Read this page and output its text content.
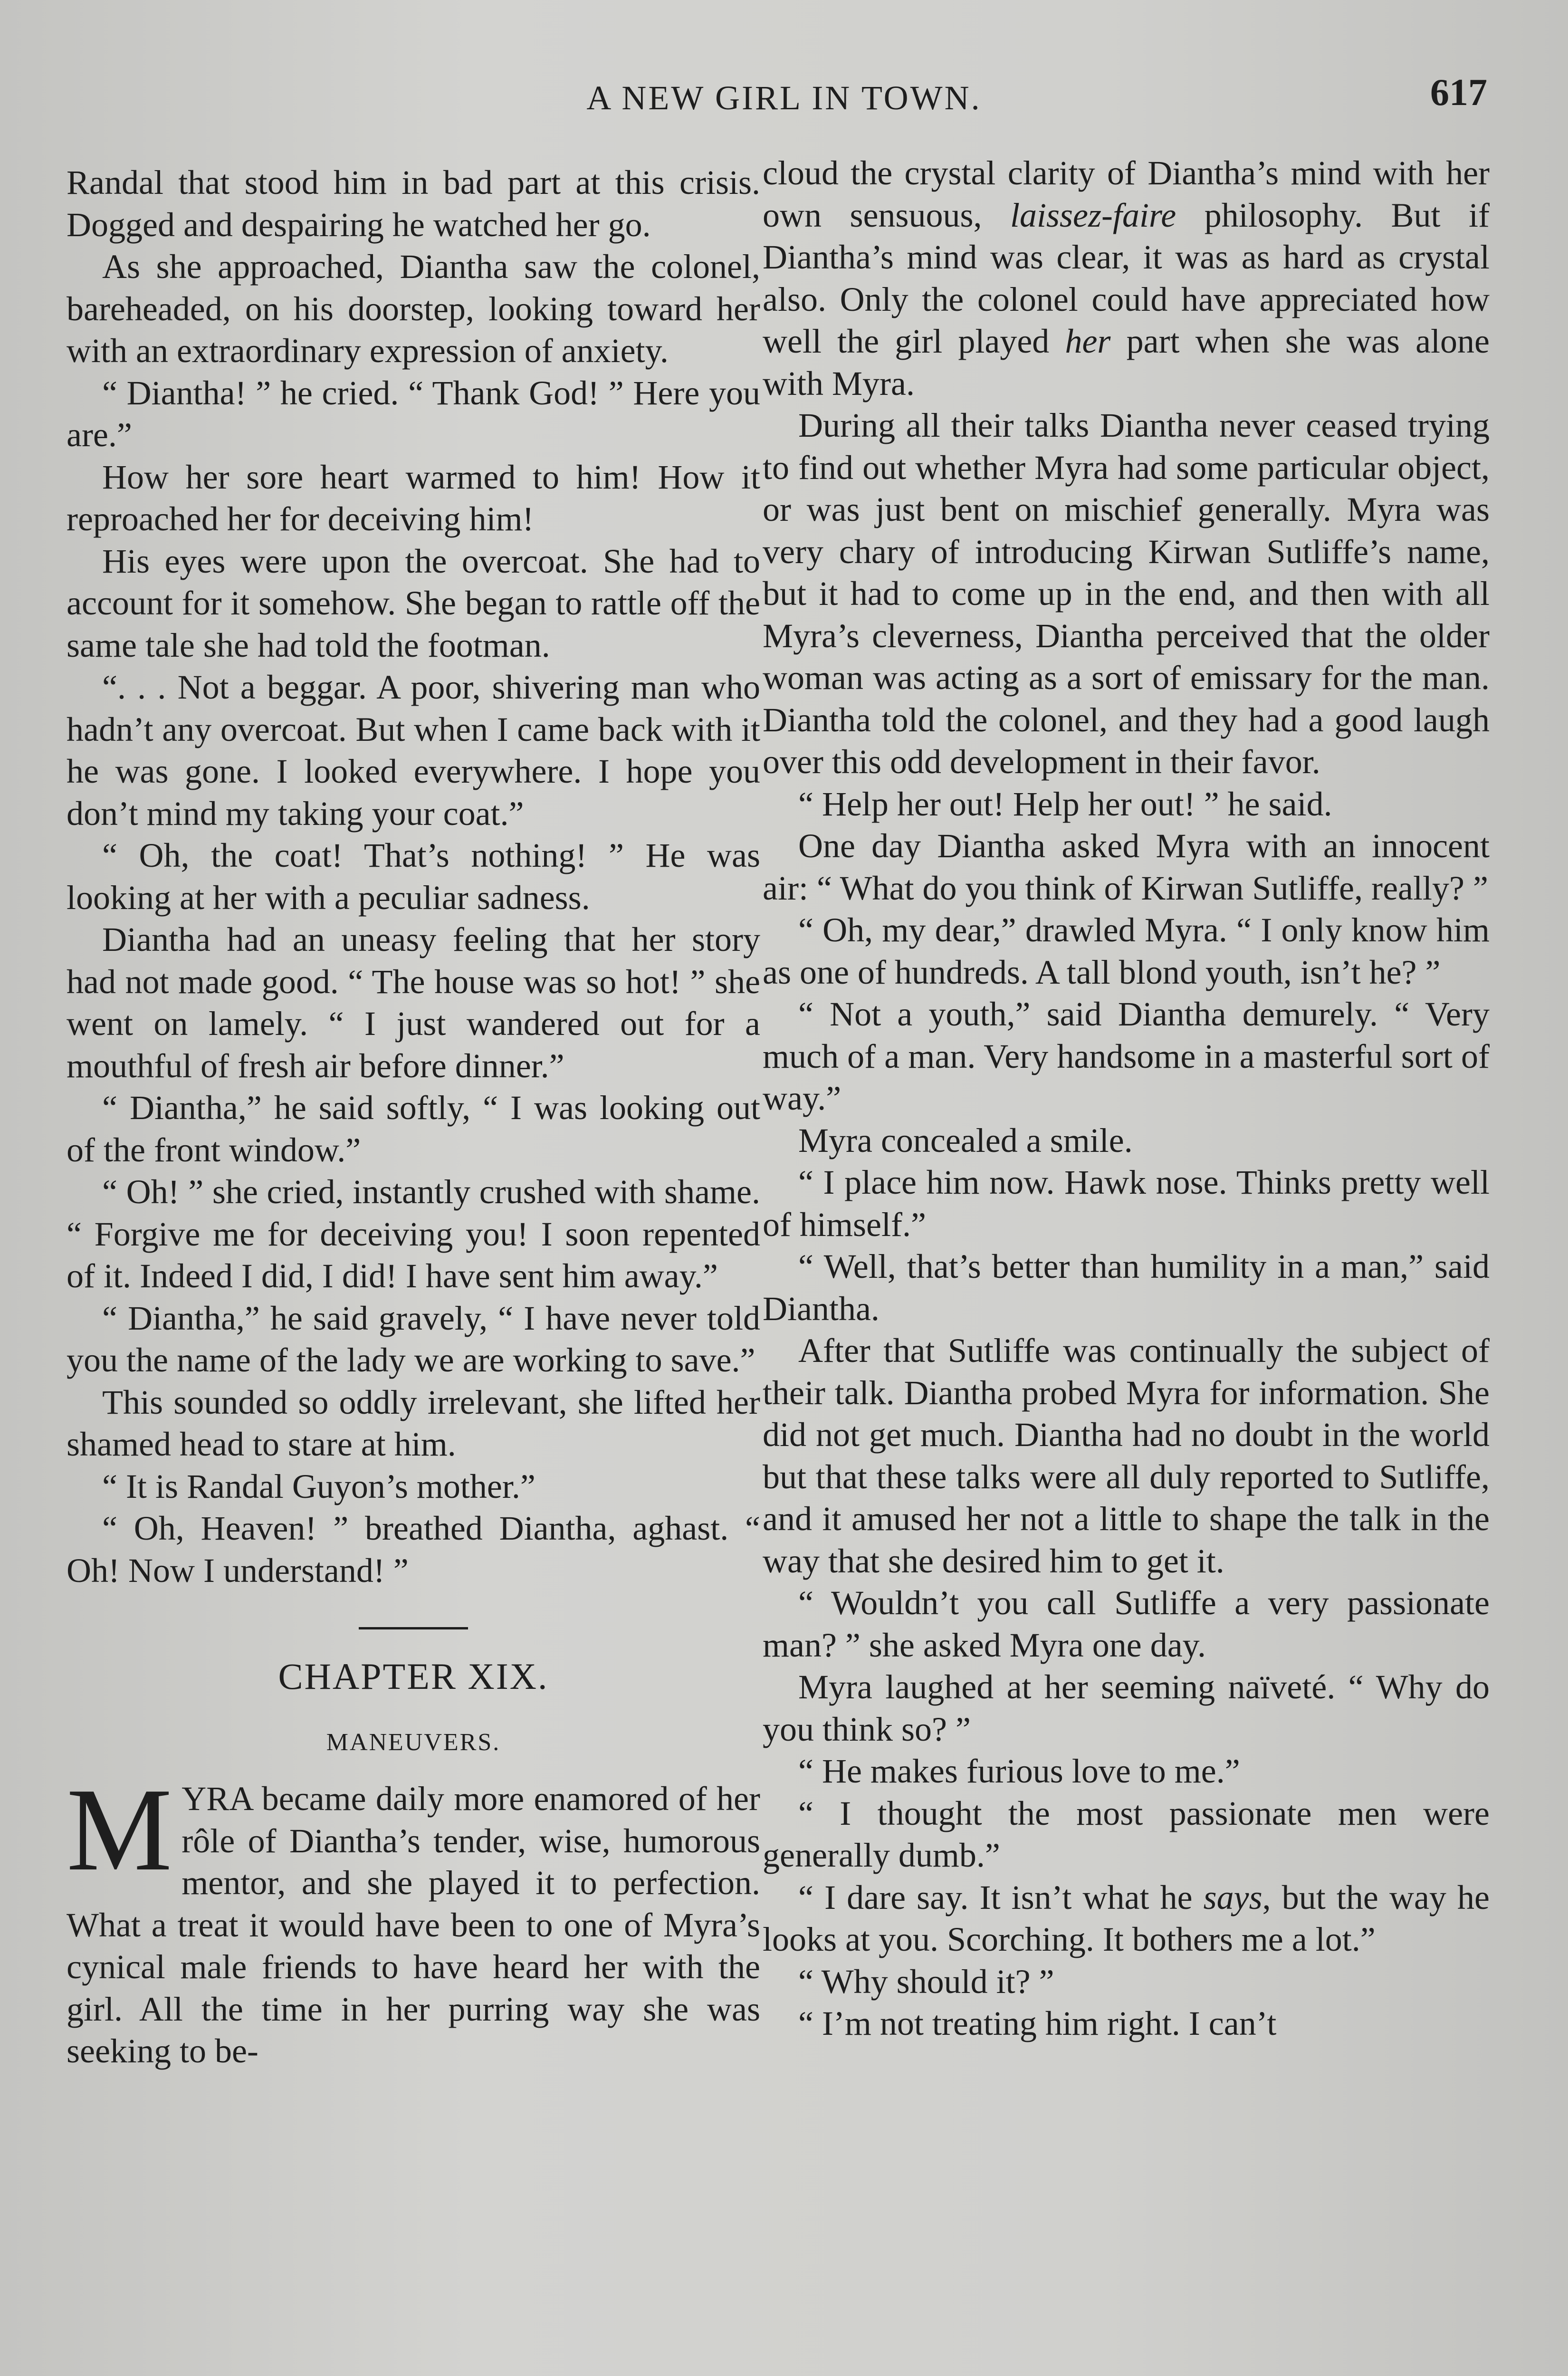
A NEW GIRL IN TOWN.	617

Randal that stood him in bad part at this crisis. Dogged and despairing he watched her go.

As she approached, Diantha saw the colonel, bareheaded, on his doorstep, looking toward her with an extraordinary expression of anxiety.

“ Diantha! ” he cried. “ Thank God! ” Here you are.”

How her sore heart warmed to him! How it reproached her for deceiving him!

His eyes were upon the overcoat. She had to account for it somehow. She began to rattle off the same tale she had told the footman.

“. . . Not a beggar. A poor, shivering man who hadn’t any overcoat. But when I came back with it he was gone. I looked everywhere. I hope you don’t mind my taking your coat.”

“ Oh, the coat! That’s nothing! ” He was looking at her with a peculiar sadness.

Diantha had an uneasy feeling that her story had not made good. “ The house was so hot! ” she went on lamely. “ I just wandered out for a mouthful of fresh air before dinner.”

“ Diantha,” he said softly, “ I was looking out of the front window.”

“ Oh! ” she cried, instantly crushed with shame. “ Forgive me for deceiving you! I soon repented of it. Indeed I did, I did! I have sent him away.”

“ Diantha,” he said gravely, “ I have never told you the name of the lady we are working to save.”

This sounded so oddly irrelevant, she lifted her shamed head to stare at him.

“ It is Randal Guyon’s mother.”

“ Oh, Heaven! ” breathed Diantha, aghast. “ Oh! Now I understand! ”

CHAPTER XIX.

MANEUVERS.

MYRA became daily more enamored of her rôle of Diantha’s tender, wise, humorous mentor, and she played it to perfection. What a treat it would have been to one of Myra’s cynical male friends to have heard her with the girl. All the time in her purring way she was seeking to be-

cloud the crystal clarity of Diantha’s mind with her own sensuous, laissez-faire philosophy. But if Diantha’s mind was clear, it was as hard as crystal also. Only the colonel could have appreciated how well the girl played her part when she was alone with Myra.

During all their talks Diantha never ceased trying to find out whether Myra had some particular object, or was just bent on mischief generally. Myra was very chary of introducing Kirwan Sutliffe’s name, but it had to come up in the end, and then with all Myra’s cleverness, Diantha perceived that the older woman was acting as a sort of emissary for the man. Diantha told the colonel, and they had a good laugh over this odd development in their favor.

“ Help her out! Help her out! ” he said.

One day Diantha asked Myra with an innocent air: “ What do you think of Kirwan Sutliffe, really? ”

“ Oh, my dear,” drawled Myra. “ I only know him as one of hundreds. A tall blond youth, isn’t he? ”

“ Not a youth,” said Diantha demurely. “ Very much of a man. Very handsome in a masterful sort of way.”

Myra concealed a smile.

“ I place him now. Hawk nose. Thinks pretty well of himself.”

“ Well, that’s better than humility in a man,” said Diantha.

After that Sutliffe was continually the subject of their talk. Diantha probed Myra for information. She did not get much. Diantha had no doubt in the world but that these talks were all duly reported to Sutliffe, and it amused her not a little to shape the talk in the way that she desired him to get it.

“ Wouldn’t you call Sutliffe a very passionate man? ” she asked Myra one day.

Myra laughed at her seeming naïveté. “ Why do you think so? ”

“ He makes furious love to me.”

“ I thought the most passionate men were generally dumb.”

“ I dare say. It isn’t what he says, but the way he looks at you. Scorching. It bothers me a lot.”

“ Why should it? ”

“ I’m not treating him right. I can’t
